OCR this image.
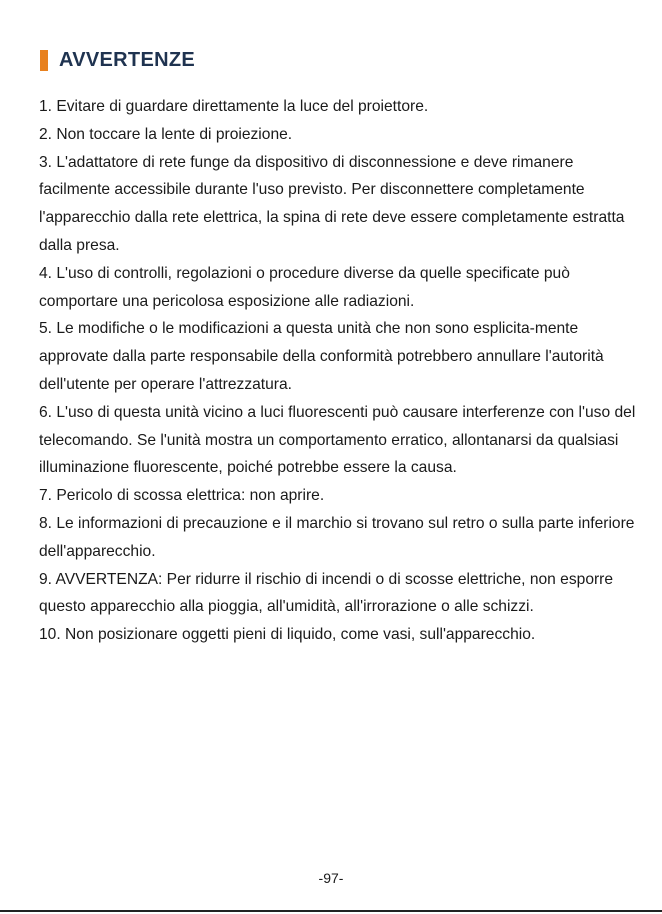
AVVERTENZE
1. Evitare di guardare direttamente la luce del proiettore.
2. Non toccare la lente di proiezione.
3. L'adattatore di rete funge da dispositivo di disconnessione e deve rimanere facilmente accessibile durante l'uso previsto. Per disconnettere completamente l'apparecchio dalla rete elettrica, la spina di rete deve essere completamente estratta dalla presa.
4. L'uso di controlli, regolazioni o procedure diverse da quelle specificate può comportare una pericolosa esposizione alle radiazioni.
5. Le modifiche o le modificazioni a questa unità che non sono esplicita-mente approvate dalla parte responsabile della conformità potrebbero annullare l'autorità dell'utente per operare l'attrezzatura.
6. L'uso di questa unità vicino a luci fluorescenti può causare interferenze con l'uso del telecomando. Se l'unità mostra un comportamento erratico, allontanarsi da qualsiasi illuminazione fluorescente, poiché potrebbe essere la causa.
7. Pericolo di scossa elettrica: non aprire.
8. Le informazioni di precauzione e il marchio si trovano sul retro o sulla parte inferiore dell'apparecchio.
9. AVVERTENZA: Per ridurre il rischio di incendi o di scosse elettriche, non esporre questo apparecchio alla pioggia, all'umidità, all'irrorazione o alle schizzi.
10. Non posizionare oggetti pieni di liquido, come vasi, sull'apparecchio.
-97-
